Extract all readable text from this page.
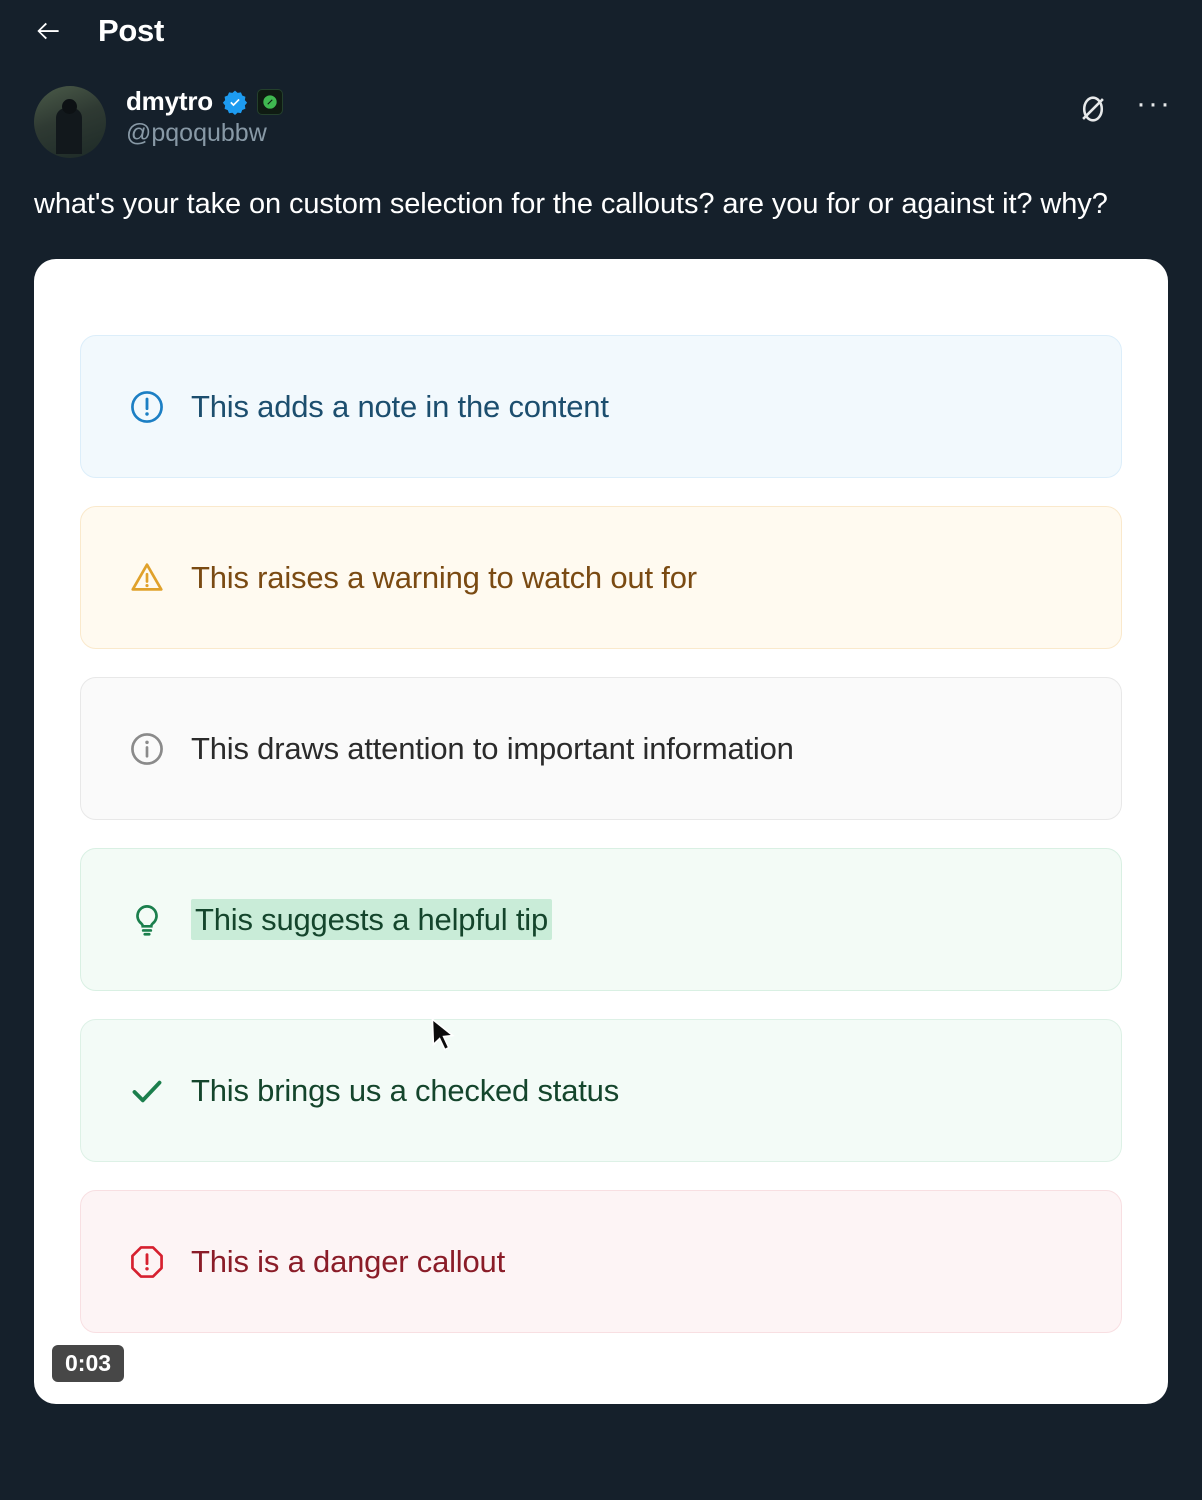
Post
dmytro
@pqoqubbw
···
what's your take on custom selection for the callouts? are you for or against it? why?
This adds a note in the content
This raises a warning to watch out for
This draws attention to important information
This suggests a helpful tip
This brings us a checked status
This is a danger callout
0:03
